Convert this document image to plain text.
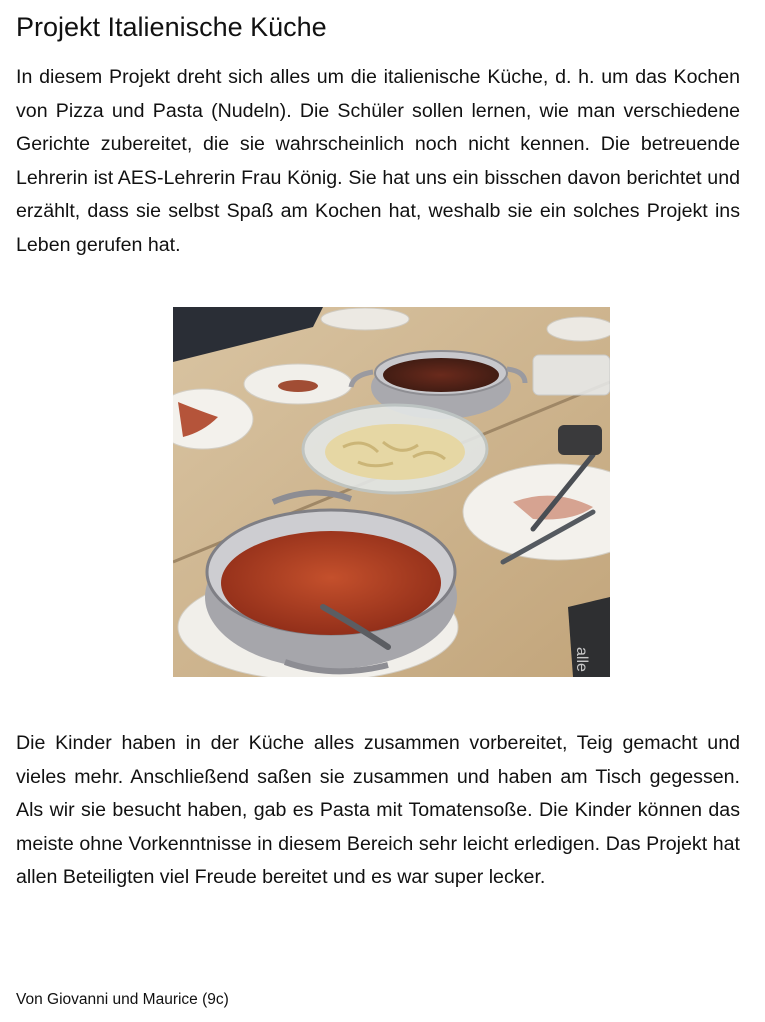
Projekt Italienische Küche

In diesem Projekt dreht sich alles um die italienische Küche, d. h. um das Kochen von Pizza und Pasta (Nudeln). Die Schüler sollen lernen, wie man verschiedene Gerichte zubereitet, die sie wahrscheinlich noch nicht kennen. Die betreuende Lehrerin ist AES-Lehrerin Frau König. Sie hat uns ein bisschen davon berichtet und erzählt, dass sie selbst Spaß am Kochen hat, weshalb sie ein solches Projekt ins Leben gerufen hat.

alle

Die Kinder haben in der Küche alles zusammen vorbereitet, Teig gemacht und vieles mehr. Anschließend saßen sie zusammen und haben am Tisch gegessen. Als wir sie besucht haben, gab es Pasta mit Tomatensoße. Die Kinder können das meiste ohne Vorkenntnisse in diesem Bereich sehr leicht erledigen. Das Projekt hat allen Beteiligten viel Freude bereitet und es war super lecker.

Von Giovanni und Maurice (9c)
